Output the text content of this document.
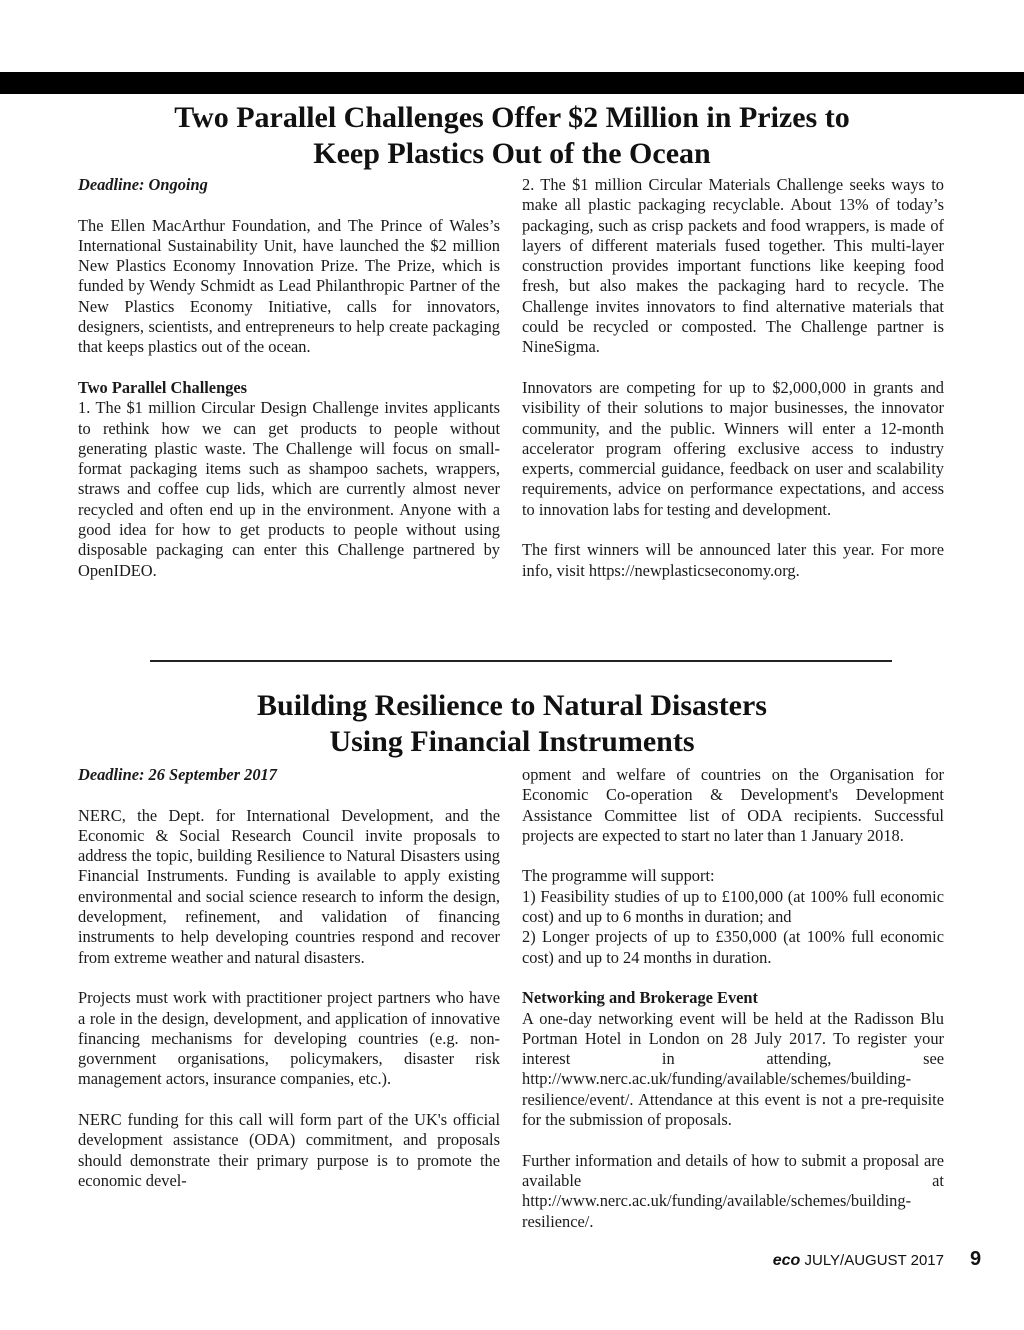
Two Parallel Challenges Offer $2 Million in Prizes to
Keep Plastics Out of the Ocean

Deadline: Ongoing

The Ellen MacArthur Foundation, and The Prince of Wales’s International Sustainability Unit, have launched the $2 million New Plastics Economy Innovation Prize. The Prize, which is funded by Wendy Schmidt as Lead Philanthropic Partner of the New Plastics Economy Initiative, calls for innovators, designers, scientists, and entrepreneurs to help create packaging that keeps plastics out of the ocean.

Two Parallel Challenges

1. The $1 million Circular Design Challenge invites applicants to rethink how we can get products to people without generating plastic waste. The Challenge will focus on small-format packaging items such as shampoo sachets, wrappers, straws and coffee cup lids, which are currently almost never recycled and often end up in the environment. Anyone with a good idea for how to get products to people without using disposable packaging can enter this Challenge partnered by OpenIDEO.

2. The $1 million Circular Materials Challenge seeks ways to make all plastic packaging recyclable. About 13% of today’s packaging, such as crisp packets and food wrappers, is made of layers of different materials fused together. This multi-layer construction provides important functions like keeping food fresh, but also makes the packaging hard to recycle. The Challenge invites innovators to find alternative materials that could be recycled or composted. The Challenge partner is NineSigma.

Innovators are competing for up to $2,000,000 in grants and visibility of their solutions to major businesses, the innovator community, and the public. Winners will enter a 12-month accelerator program offering exclusive access to industry experts, commercial guidance, feedback on user and scalability requirements, advice on performance expectations, and access to innovation labs for testing and development.

The first winners will be announced later this year. For more info, visit https://newplasticseconomy.org.

Building Resilience to Natural Disasters
Using Financial Instruments

Deadline: 26 September 2017

NERC, the Dept. for International Development, and the Economic & Social Research Council invite proposals to address the topic, building Resilience to Natural Disasters using Financial Instruments. Funding is available to apply existing environmental and social science research to inform the design, development, refinement, and validation of financing instruments to help developing countries respond and recover from extreme weather and natural disasters.

Projects must work with practitioner project partners who have a role in the design, development, and application of innovative financing mechanisms for developing countries (e.g. non-government organisations, policymakers, disaster risk management actors, insurance companies, etc.).

NERC funding for this call will form part of the UK's official development assistance (ODA) commitment, and proposals should demonstrate their primary purpose is to promote the economic devel-

opment and welfare of countries on the Organisation for Economic Co-operation & Development's Development Assistance Committee list of ODA recipients. Successful projects are expected to start no later than 1 January 2018.

The programme will support:

1) Feasibility studies of up to £100,000 (at 100% full economic cost) and up to 6 months in duration; and

2) Longer projects of up to £350,000 (at 100% full economic cost) and up to 24 months in duration.

Networking and Brokerage Event

A one-day networking event will be held at the Radisson Blu Portman Hotel in London on 28 July 2017. To register your interest in attending, see http://www.nerc.ac.uk/funding/available/schemes/building-resilience/event/. Attendance at this event is not a pre-requisite for the submission of proposals.

Further information and details of how to submit a proposal are available at http://www.nerc.ac.uk/funding/available/schemes/building-resilience/.

eco JULY/AUGUST 2017 9
